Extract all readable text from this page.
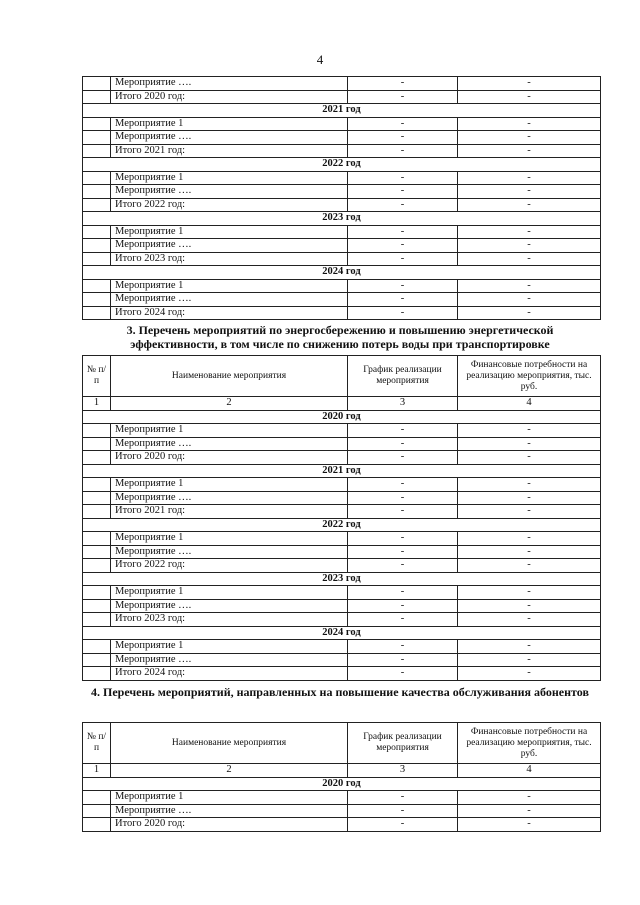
4
	Мероприятие ….	-	-
	Итого 2020 год:	-	-
2021 год			
	Мероприятие 1	-	-
	Мероприятие ….	-	-
	Итого 2021 год:	-	-
2022 год			
	Мероприятие 1	-	-
	Мероприятие ….	-	-
	Итого 2022 год:	-	-
2023 год			
	Мероприятие 1	-	-
	Мероприятие ….	-	-
	Итого 2023 год:	-	-
2024 год			
	Мероприятие 1	-	-
	Мероприятие ….	-	-
	Итого 2024 год:	-	-
3. Перечень мероприятий по энергосбережению и повышению энергетической эффективности, в том числе по снижению потерь воды при транспортировке
№ п/п	Наименование мероприятия	График реализации мероприятия	Финансовые потребности на реализацию мероприятия, тыс. руб.
1	2	3	4
2020 год			
	Мероприятие 1	-	-
	Мероприятие ….	-	-
	Итого 2020 год:	-	-
2021 год			
	Мероприятие 1	-	-
	Мероприятие ….	-	-
	Итого 2021 год:	-	-
2022 год			
	Мероприятие 1	-	-
	Мероприятие ….	-	-
	Итого 2022 год:	-	-
2023 год			
	Мероприятие 1	-	-
	Мероприятие ….	-	-
	Итого 2023 год:	-	-
2024 год			
	Мероприятие 1	-	-
	Мероприятие ….	-	-
	Итого 2024 год:	-	-
4. Перечень мероприятий, направленных на повышение качества обслуживания абонентов
№ п/п	Наименование мероприятия	График реализации мероприятия	Финансовые потребности на реализацию мероприятия, тыс. руб.
1	2	3	4
2020 год			
	Мероприятие 1	-	-
	Мероприятие ….	-	-
	Итого 2020 год:	-	-
